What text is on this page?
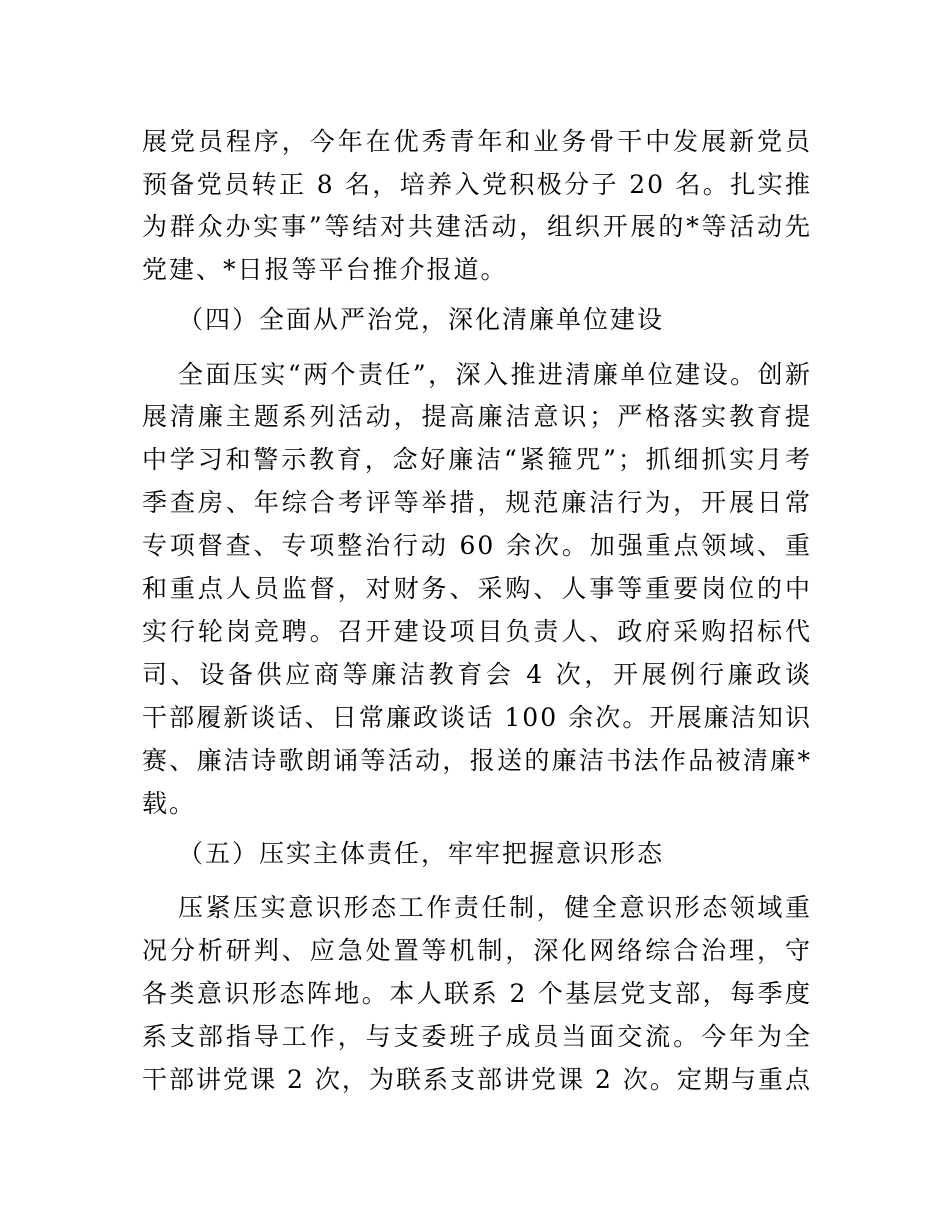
展党员程序，今年在优秀青年和业务骨干中发展新党员
预备党员转正 8 名，培养入党积极分子 20 名。扎实推
为群众办实事”等结对共建活动，组织开展的*等活动先
党建、*日报等平台推介报道。
（四）全面从严治党，深化清廉单位建设
全面压实“两个责任”，深入推进清廉单位建设。创新
展清廉主题系列活动，提高廉洁意识；严格落实教育提
中学习和警示教育，念好廉洁“紧箍咒”；抓细抓实月考
季查房、年综合考评等举措，规范廉洁行为，开展日常
专项督查、专项整治行动 60 余次。加强重点领域、重
和重点人员监督，对财务、采购、人事等重要岗位的中
实行轮岗竞聘。召开建设项目负责人、政府采购招标代
司、设备供应商等廉洁教育会 4 次，开展例行廉政谈
干部履新谈话、日常廉政谈话 100 余次。开展廉洁知识
赛、廉洁诗歌朗诵等活动，报送的廉洁书法作品被清廉*
载。
（五）压实主体责任，牢牢把握意识形态
压紧压实意识形态工作责任制，健全意识形态领域重
况分析研判、应急处置等机制，深化网络综合治理，守
各类意识形态阵地。本人联系 2 个基层党支部，每季度
系支部指导工作，与支委班子成员当面交流。今年为全
干部讲党课 2 次，为联系支部讲党课 2 次。定期与重点
